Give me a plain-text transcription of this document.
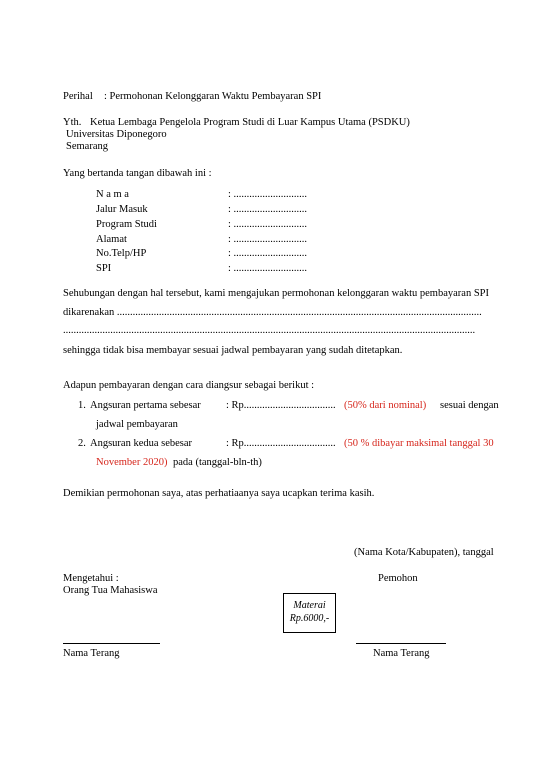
Perihal : Permohonan Kelonggaran Waktu Pembayaran SPI
Yth. Ketua Lembaga Pengelola Program Studi di Luar Kampus Utama (PSDKU)
Universitas Diponegoro
Semarang
Yang bertanda tangan dibawah ini :
N a m a	: ............................
Jalur Masuk	: ............................
Program Studi	: ............................
Alamat	: ............................
No.Telp/HP	: ............................
SPI	: ............................
Sehubungan dengan hal tersebut, kami mengajukan permohonan kelonggaran waktu pembayaran SPI
dikarenakan ...........................................................................................................................................
.............................................................................................................................................................
sehingga tidak bisa membayar sesuai jadwal pembayaran yang sudah ditetapkan.
Adapun pembayaran dengan cara diangsur sebagai berikut :
1. Angsuran pertama sebesar : Rp................................... (50% dari nominal) sesuai dengan
jadwal pembayaran
2. Angsuran kedua sebesar	: Rp................................... (50 % dibayar maksimal tanggal 30
November 2020) pada (tanggal-bln-th)
Demikian permohonan saya, atas perhatiaanya saya ucapkan terima kasih.
(Nama Kota/Kabupaten), tanggal
Mengetahui :
Orang Tua Mahasiswa
Pemohon
Materai
Rp.6000,-
Nama Terang	Nama Terang
